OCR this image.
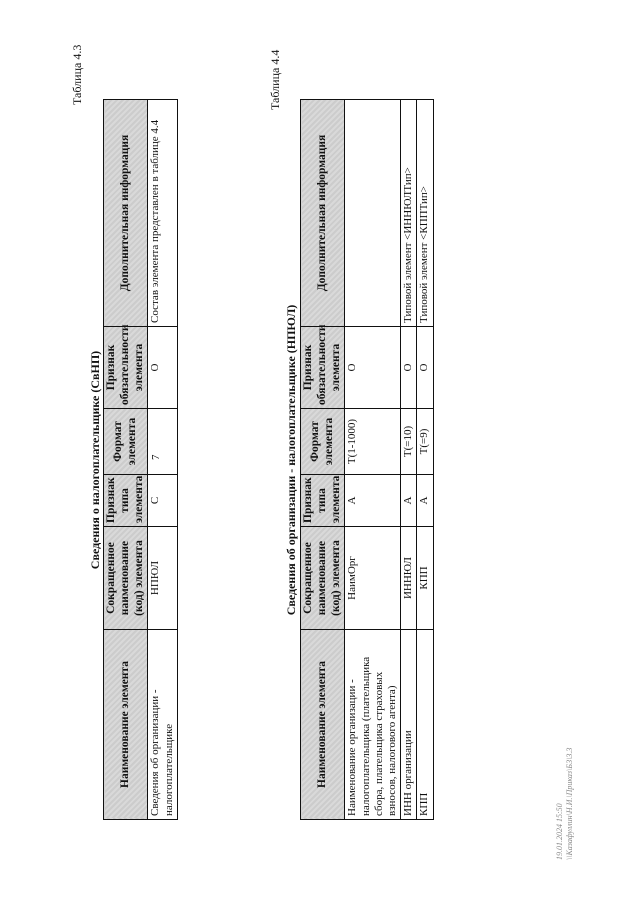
7
Таблица 4.3
Сведения о налогоплательщике (СвНП)
Наименование элемента	Сокращенное наименование (код) элемента	Признак типа элемента	Формат элемента	Признак обязательности элемента	Дополнительная информация
Сведения об организации - налогоплательщике	НПЮЛ	С		О	Состав элемента представлен в таблице 4.4
Таблица 4.4
Сведения об организации - налогоплательщике (НПЮЛ)
Наименование элемента	Сокращенное наименование (код) элемента	Признак типа элемента	Формат элемента	Признак обязательности элемента	Дополнительная информация
Наименование организации - налогоплательщика (плательщика сбора, плательщика страховых взносов, налогового агента)	НаимОрг	А	Т(1-1000)	О	
ИНН организации	ИННЮЛ	А	Т(=10)	О	Типовой элемент <ИННЮЛТип>
КПП	КПП	А	Т(=9)	О	Типовой элемент <КППТип>
19.01.2024 15:50 \\Казафуллин\Н.И.\Приказ\БЗ\3.3
